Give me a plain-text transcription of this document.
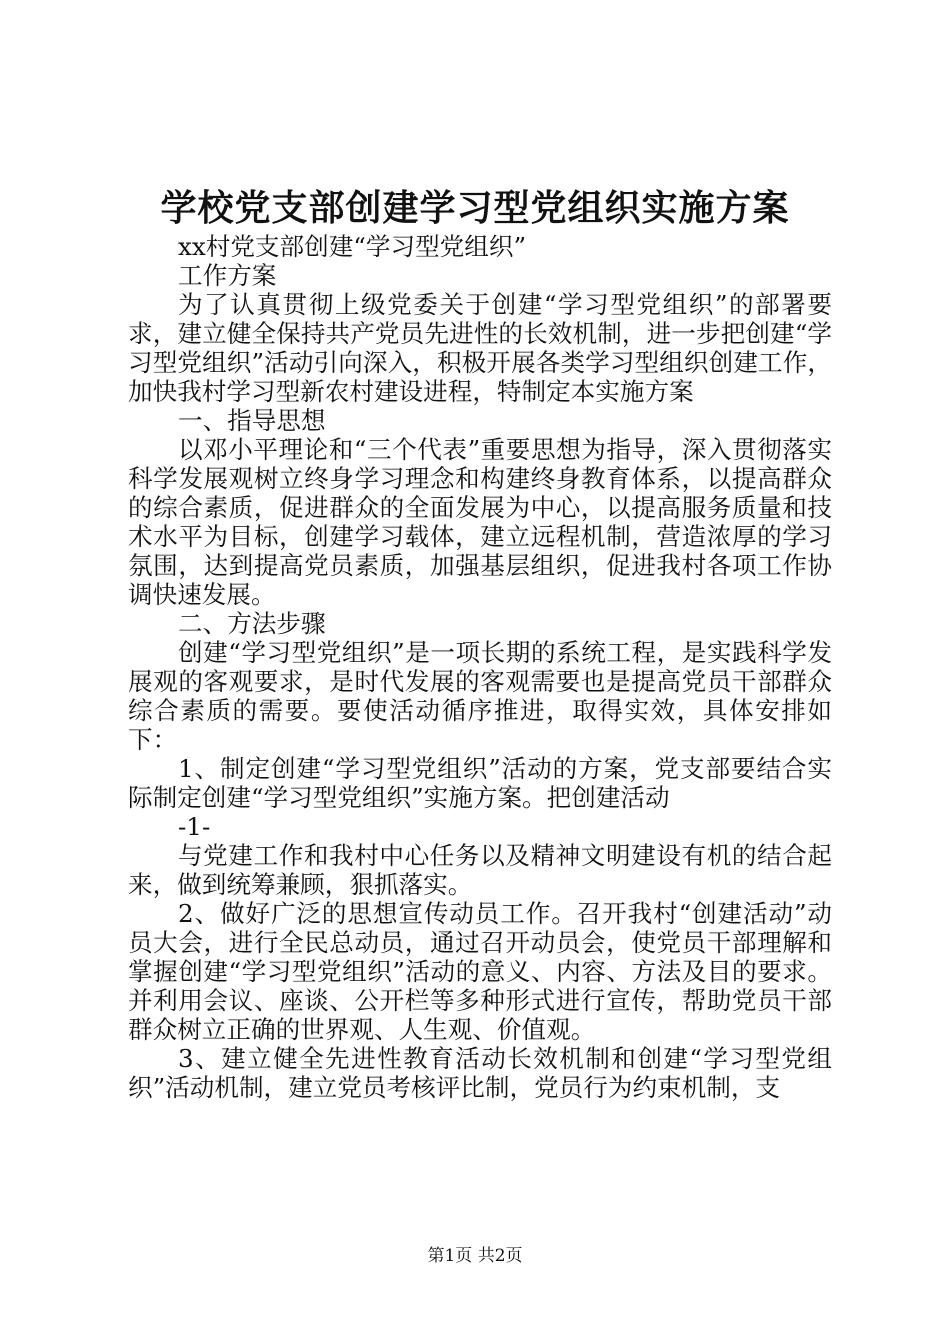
学校党支部创建学习型党组织实施方案

xx村党支部创建“学习型党组织”

工作方案

为了认真贯彻上级党委关于创建“学习型党组织”的部署要求，建立健全保持共产党员先进性的长效机制，进一步把创建“学习型党组织”活动引向深入，积极开展各类学习型组织创建工作，加快我村学习型新农村建设进程，特制定本实施方案

一、指导思想

以邓小平理论和“三个代表”重要思想为指导，深入贯彻落实科学发展观树立终身学习理念和构建终身教育体系，以提高群众的综合素质，促进群众的全面发展为中心，以提高服务质量和技术水平为目标，创建学习载体，建立远程机制，营造浓厚的学习氛围，达到提高党员素质，加强基层组织，促进我村各项工作协调快速发展。

二、方法步骤

创建“学习型党组织”是一项长期的系统工程，是实践科学发展观的客观要求，是时代发展的客观需要也是提高党员干部群众综合素质的需要。要使活动循序推进，取得实效，具体安排如下：

1、制定创建“学习型党组织”活动的方案，党支部要结合实际制定创建“学习型党组织”实施方案。把创建活动

-1-

与党建工作和我村中心任务以及精神文明建设有机的结合起来，做到统筹兼顾，狠抓落实。

2、做好广泛的思想宣传动员工作。召开我村“创建活动”动员大会，进行全民总动员，通过召开动员会，使党员干部理解和掌握创建“学习型党组织”活动的意义、内容、方法及目的要求。并利用会议、座谈、公开栏等多种形式进行宣传，帮助党员干部群众树立正确的世界观、人生观、价值观。

3、建立健全先进性教育活动长效机制和创建“学习型党组织”活动机制，建立党员考核评比制，党员行为约束机制，支

第1页 共2页
